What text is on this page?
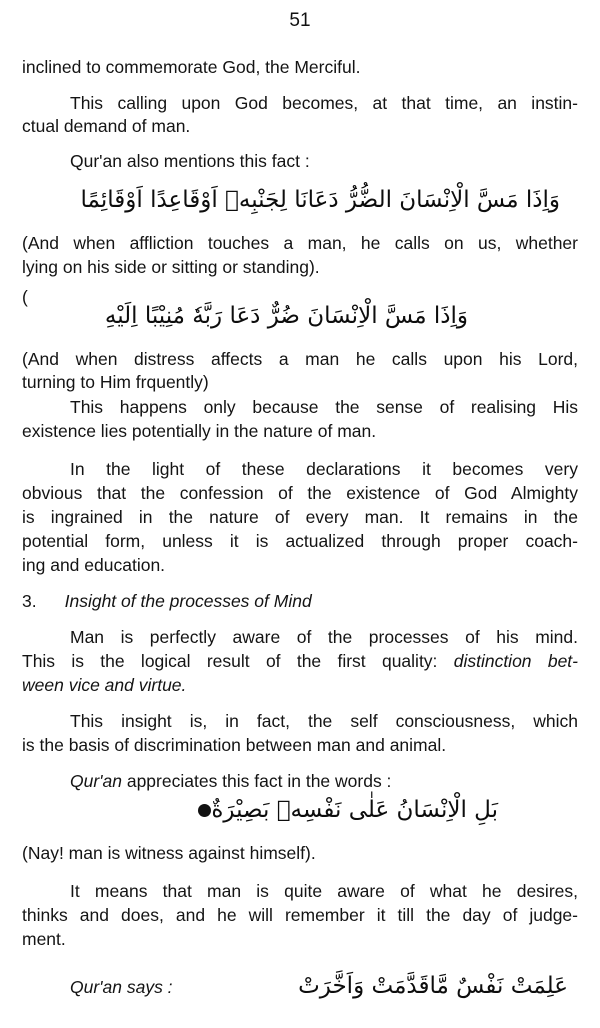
51
inclined to commemorate God, the Merciful.
This calling upon God becomes, at that time, an instin-
ctual demand of man.
Qur'an also mentions this fact :
وَاِذَا مَسَّ الْاِنْسَانَ الضُّرُّ دَعَانَا لِجَنْبِهٖ اَوْقَاعِدًا اَوْقَائِمًا
(And when affliction touches a man, he calls on us, whether
lying on his side or sitting or standing).
(
وَاِذَا مَسَّ الْاِنْسَانَ ضُرٌّ دَعَا رَبَّهٗ مُنِيْبًا اِلَيْهِ
(And when distress affects a man he calls upon his Lord,
turning to Him frquently)
This happens only because the sense of realising His
existence lies potentially in the nature of man.
In the light of these declarations it becomes very
obvious that the confession of the existence of God Almighty
is ingrained in the nature of every man. It remains in the
potential form, unless it is actualized through proper coach-
ing and education.
3. Insight of the processes of Mind
Man is perfectly aware of the processes of his mind.
This is the logical result of the first quality: distinction bet-
ween vice and virtue.
This insight is, in fact, the self consciousness, which
is the basis of discrimination between man and animal.
Qur'an appreciates this fact in the words :
بَلِ الْاِنْسَانُ عَلٰى نَفْسِهٖ بَصِيْرَةٌ
(Nay! man is witness against himself).
It means that man is quite aware of what he desires,
thinks and does, and he will remember it till the day of judge-
ment.
Qur'an says :	عَلِمَتْ نَفْسٌ مَّاقَدَّمَتْ وَاَخَّرَتْ
